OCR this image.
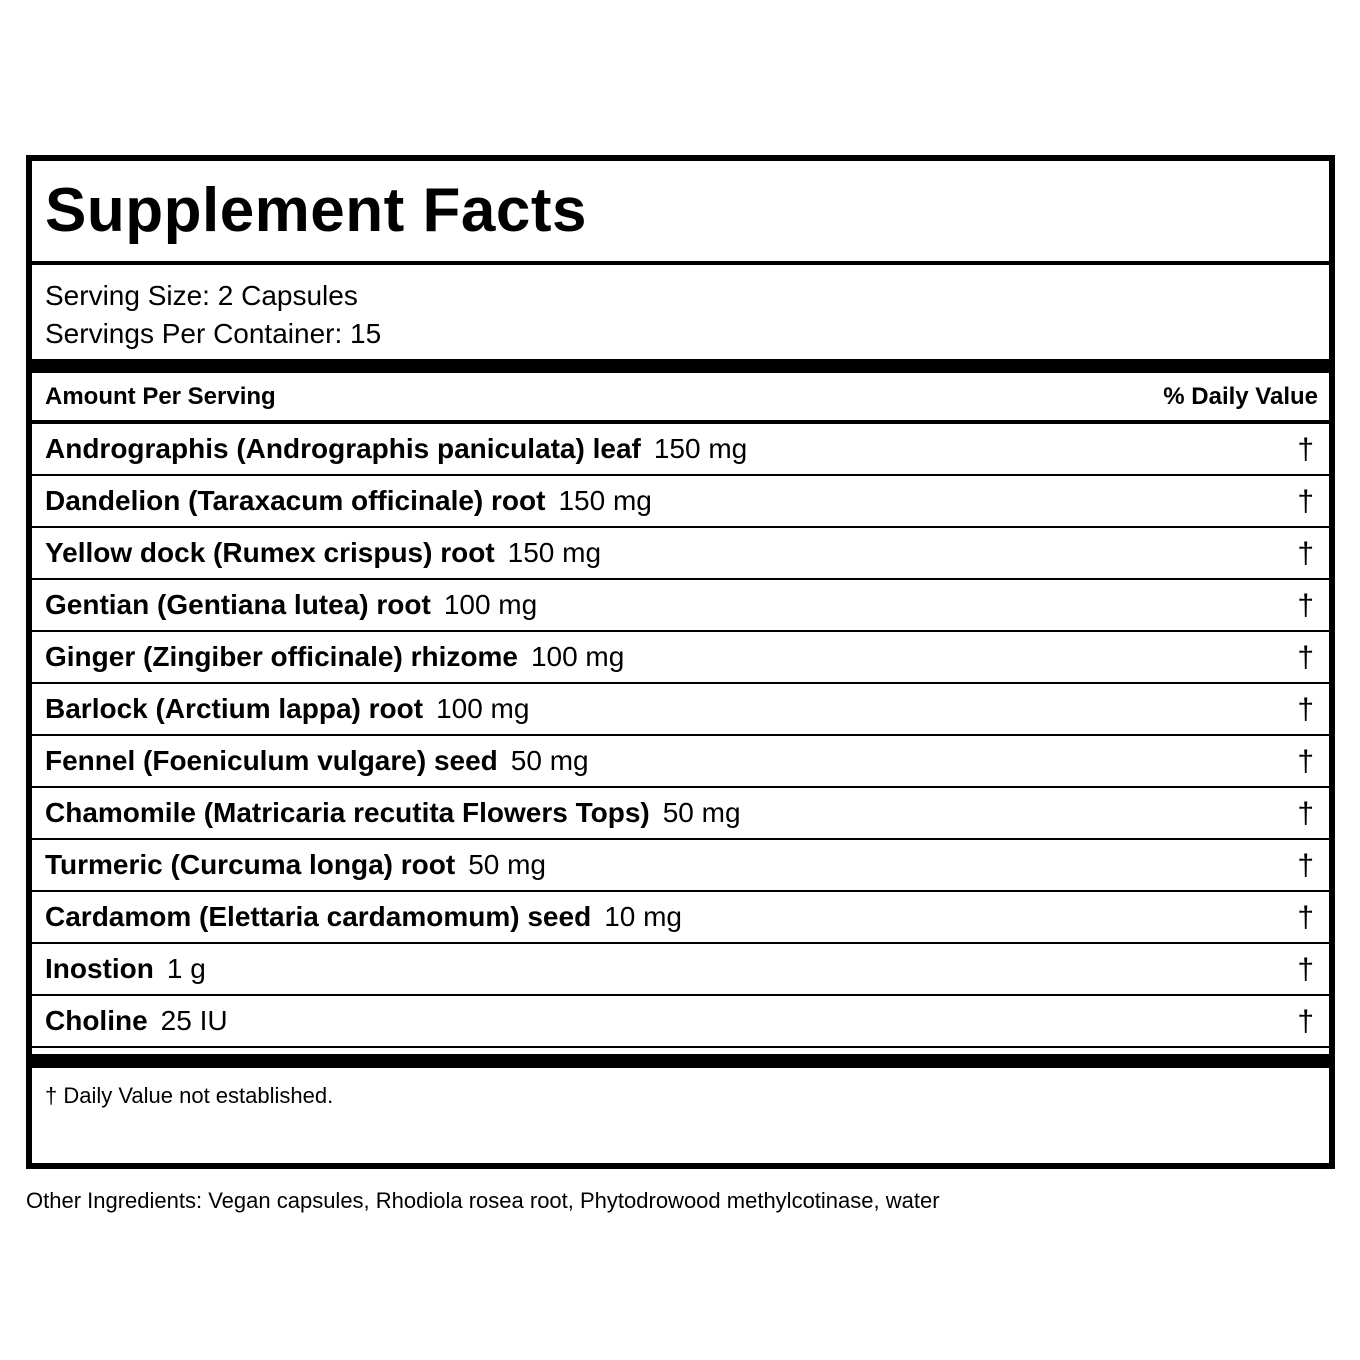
Supplement Facts
Serving Size: 2 Capsules
Servings Per Container: 15
Amount Per Serving	% Daily Value
Andrographis (Andrographis paniculata) leaf 150 mg	†
Dandelion (Taraxacum officinale) root 150 mg	†
Yellow dock (Rumex crispus) root 150 mg	†
Gentian (Gentiana lutea) root 100 mg	†
Ginger (Zingiber officinale) rhizome 100 mg	†
Barlock (Arctium lappa) root 100 mg	†
Fennel (Foeniculum vulgare) seed 50 mg	†
Chamomile (Matricaria recutita Flowers Tops) 50 mg	†
Turmeric (Curcuma longa) root 50 mg	†
Cardamom (Elettaria cardamomum) seed 10 mg	†
Inostion 1 g	†
Choline 25 IU	†
† Daily Value not established.
Other Ingredients: Vegan capsules, Rhodiola rosea root, Phytodrowood methylcotinase, water
